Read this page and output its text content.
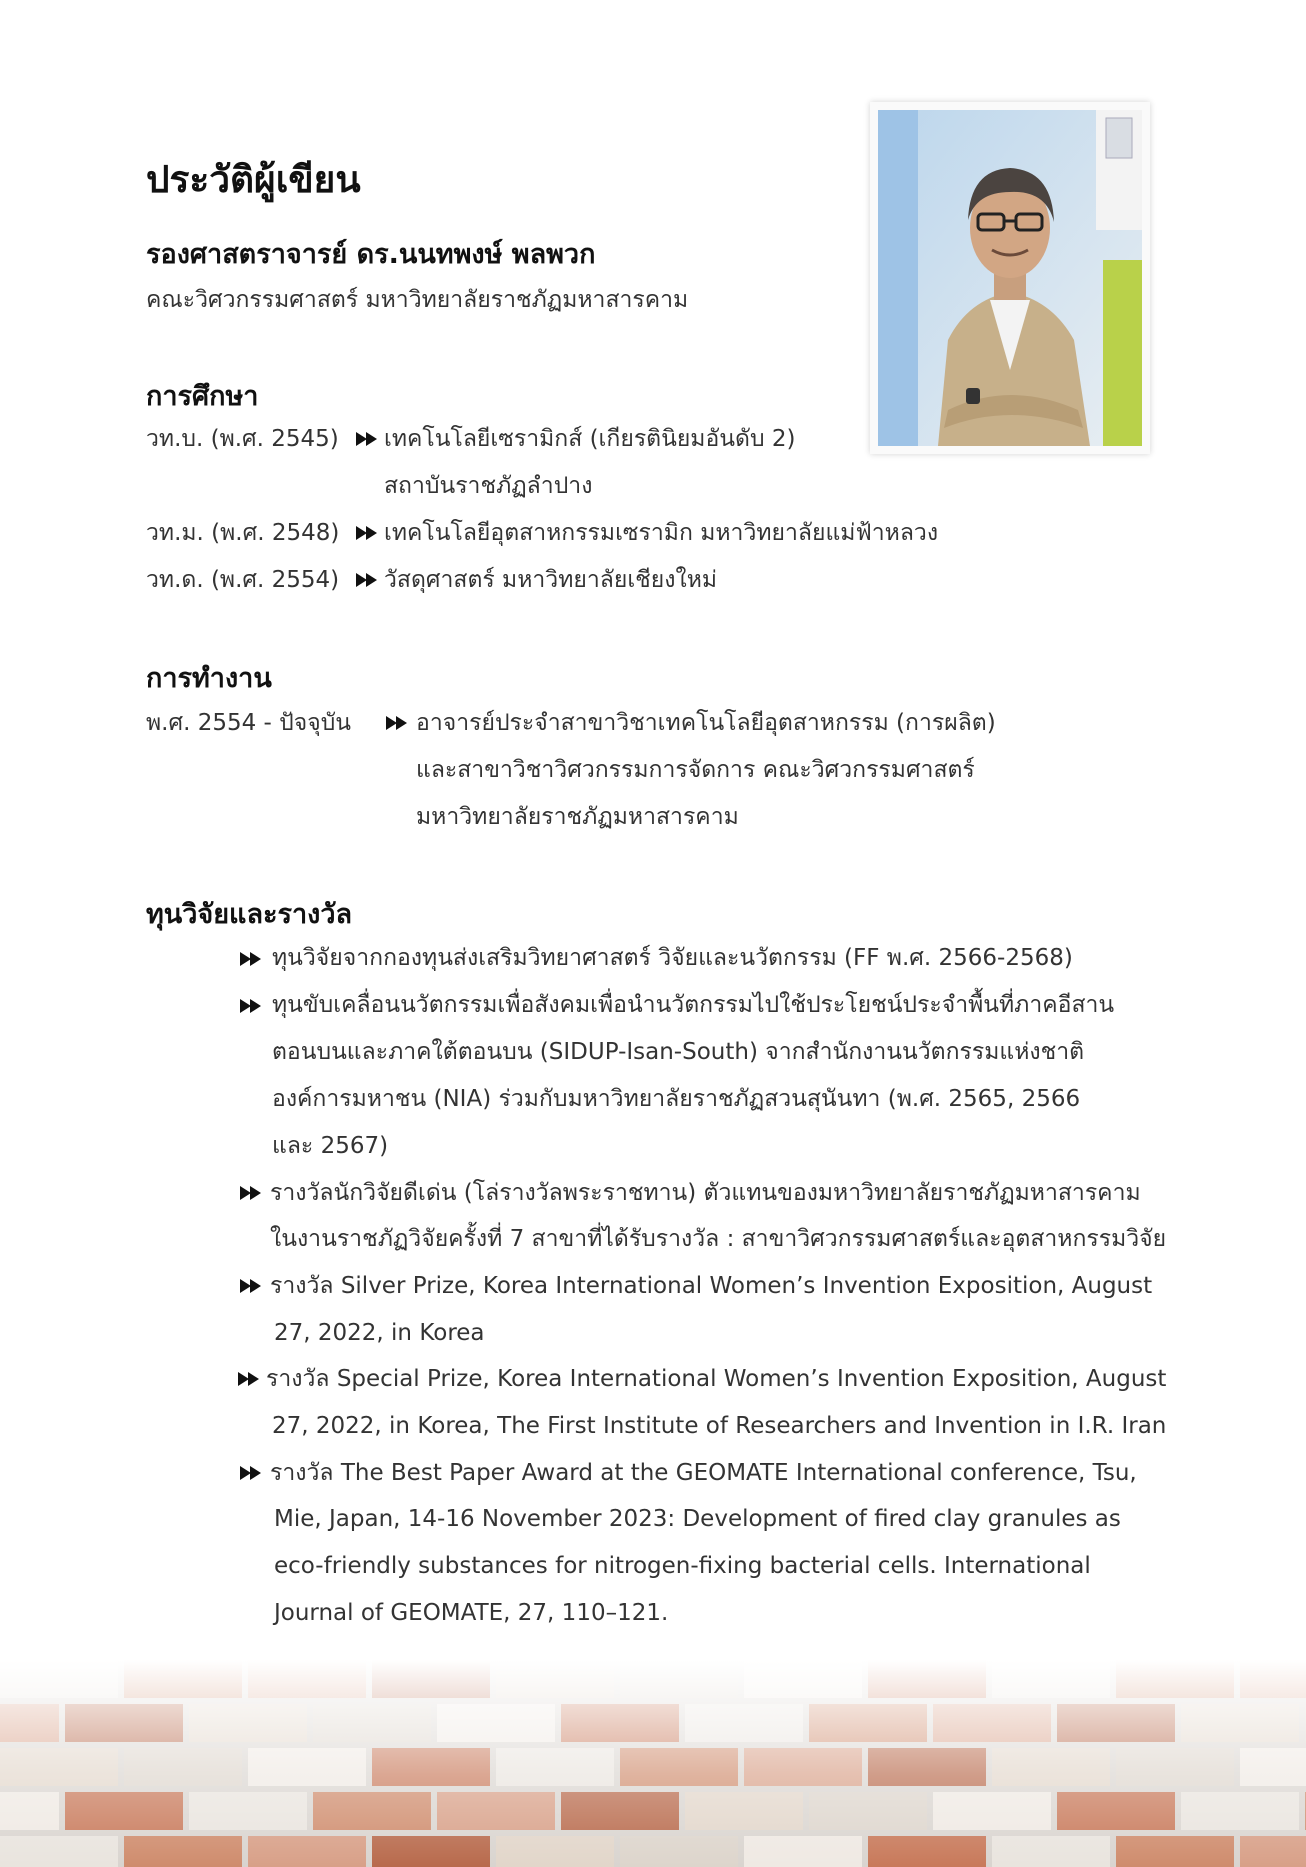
ประวัติผู้เขียน
รองศาสตราจารย์ ดร.นนทพงษ์ พลพวก
คณะวิศวกรรมศาสตร์ มหาวิทยาลัยราชภัฏมหาสารคาม
การศึกษา
วท.บ. (พ.ศ. 2545) เทคโนโลยีเซรามิกส์ (เกียรตินิยมอันดับ 2)
สถาบันราชภัฏลำปาง
วท.ม. (พ.ศ. 2548) เทคโนโลยีอุตสาหกรรมเซรามิก มหาวิทยาลัยแม่ฟ้าหลวง
วท.ด. (พ.ศ. 2554) วัสดุศาสตร์ มหาวิทยาลัยเชียงใหม่
การทำงาน
พ.ศ. 2554 - ปัจจุบัน	อาจารย์ประจำสาขาวิชาเทคโนโลยีอุตสาหกรรม (การผลิต)
และสาขาวิชาวิศวกรรมการจัดการ คณะวิศวกรรมศาสตร์
มหาวิทยาลัยราชภัฏมหาสารคาม
ทุนวิจัยและรางวัล
ทุนวิจัยจากกองทุนส่งเสริมวิทยาศาสตร์ วิจัยและนวัตกรรม (FF พ.ศ. 2566-2568)
ทุนขับเคลื่อนนวัตกรรมเพื่อสังคมเพื่อนำนวัตกรรมไปใช้ประโยชน์ประจำพื้นที่ภาคอีสาน
ตอนบนและภาคใต้ตอนบน (SIDUP-Isan-South) จากสำนักงานนวัตกรรมแห่งชาติ
องค์การมหาชน (NIA) ร่วมกับมหาวิทยาลัยราชภัฏสวนสุนันทา (พ.ศ. 2565, 2566
และ 2567)
รางวัลนักวิจัยดีเด่น (โล่รางวัลพระราชทาน) ตัวแทนของมหาวิทยาลัยราชภัฏมหาสารคาม
ในงานราชภัฏวิจัยครั้งที่ 7 สาขาที่ได้รับรางวัล : สาขาวิศวกรรมศาสตร์และอุตสาหกรรมวิจัย
รางวัล Silver Prize, Korea International Women’s Invention Exposition, August
27, 2022, in Korea
รางวัล Special Prize, Korea International Women’s Invention Exposition, August
27, 2022, in Korea, The First Institute of Researchers and Invention in I.R. Iran
รางวัล The Best Paper Award at the GEOMATE International conference, Tsu,
Mie, Japan, 14-16 November 2023: Development of fired clay granules as
eco-friendly substances for nitrogen-fixing bacterial cells. International
Journal of GEOMATE, 27, 110–121.
